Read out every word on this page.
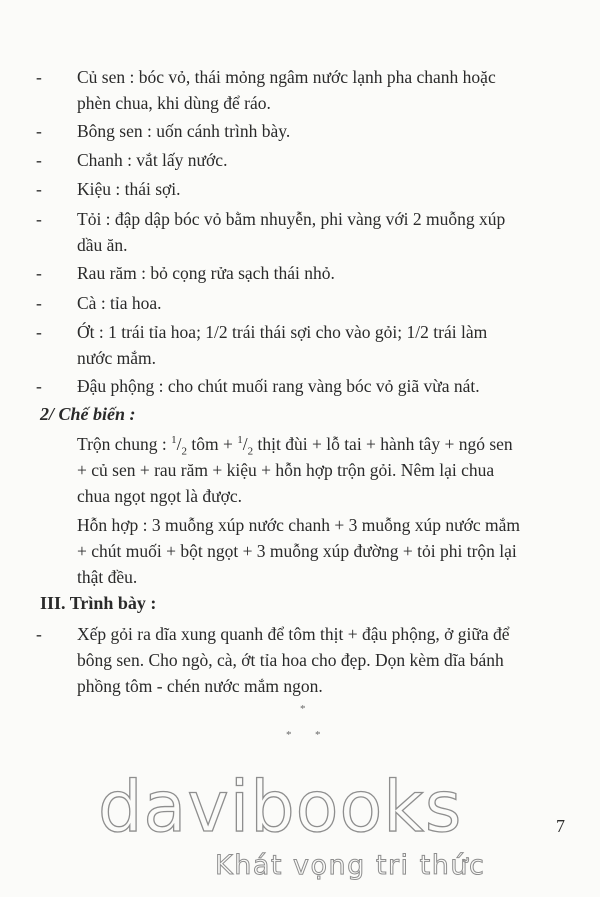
-	Củ sen : bóc vỏ, thái mỏng ngâm nước lạnh pha chanh hoặc
phèn chua, khi dùng để ráo.
-	Bông sen : uốn cánh trình bày.
-	Chanh : vắt lấy nước.
-	Kiệu : thái sợi.
-	Tỏi : đập dập bóc vỏ bằm nhuyễn, phi vàng với 2 muỗng xúp
dầu ăn.
-	Rau răm : bỏ cọng rửa sạch thái nhỏ.
-	Cà : tỉa hoa.
-	Ớt : 1 trái tỉa hoa; 1/2 trái thái sợi cho vào gỏi; 1/2 trái làm
nước mắm.
-	Đậu phộng : cho chút muối rang vàng bóc vỏ giã vừa nát.
2/ Chế biến :
Trộn chung : $^1/_2$ tôm + $^1/_2$ thịt đùi + lỗ tai + hành tây + ngó sen
+ củ sen + rau răm + kiệu + hỗn hợp trộn gỏi. Nêm lại chua
chua ngọt ngọt là được.
Hỗn hợp : 3 muỗng xúp nước chanh + 3 muỗng xúp nước mắm
+ chút muối + bột ngọt + 3 muỗng xúp đường + tỏi phi trộn lại
thật đều.
III. Trình bày :
-	Xếp gỏi ra dĩa xung quanh để tôm thịt + đậu phộng, ở giữa để
bông sen. Cho ngò, cà, ớt tỉa hoa cho đẹp. Dọn kèm dĩa bánh
phồng tôm - chén nước mắm ngon.
*
* *
7
davibooks
Khát vọng tri thức
